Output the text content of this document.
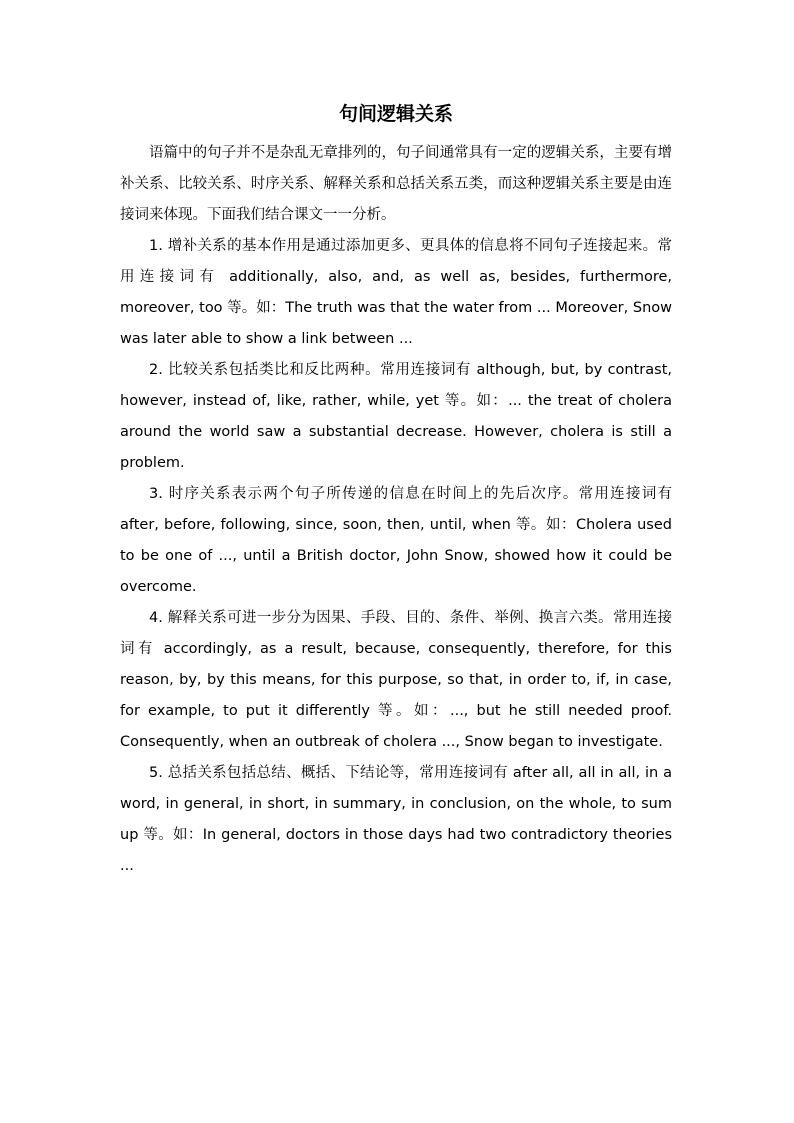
句间逻辑关系

语篇中的句子并不是杂乱无章排列的，句子间通常具有一定的逻辑关系，主要有增补关系、比较关系、时序关系、解释关系和总括关系五类，而这种逻辑关系主要是由连接词来体现。下面我们结合课文一一分析。

1. 增补关系的基本作用是通过添加更多、更具体的信息将不同句子连接起来。常用连接词有 additionally, also, and, as well as, besides, furthermore, moreover, too 等。如：The truth was that the water from ... Moreover, Snow was later able to show a link between ...

2. 比较关系包括类比和反比两种。常用连接词有 although, but, by contrast, however, instead of, like, rather, while, yet 等。如：... the treat of cholera around the world saw a substantial decrease. However, cholera is still a problem.

3. 时序关系表示两个句子所传递的信息在时间上的先后次序。常用连接词有 after, before, following, since, soon, then, until, when 等。如：Cholera used to be one of ..., until a British doctor, John Snow, showed how it could be overcome.

4. 解释关系可进一步分为因果、手段、目的、条件、举例、换言六类。常用连接词有 accordingly, as a result, because, consequently, therefore, for this reason, by, by this means, for this purpose, so that, in order to, if, in case, for example, to put it differently 等。如：..., but he still needed proof. Consequently, when an outbreak of cholera ..., Snow began to investigate.

5. 总括关系包括总结、概括、下结论等，常用连接词有 after all, all in all, in a word, in general, in short, in summary, in conclusion, on the whole, to sum up 等。如：In general, doctors in those days had two contradictory theories ...
